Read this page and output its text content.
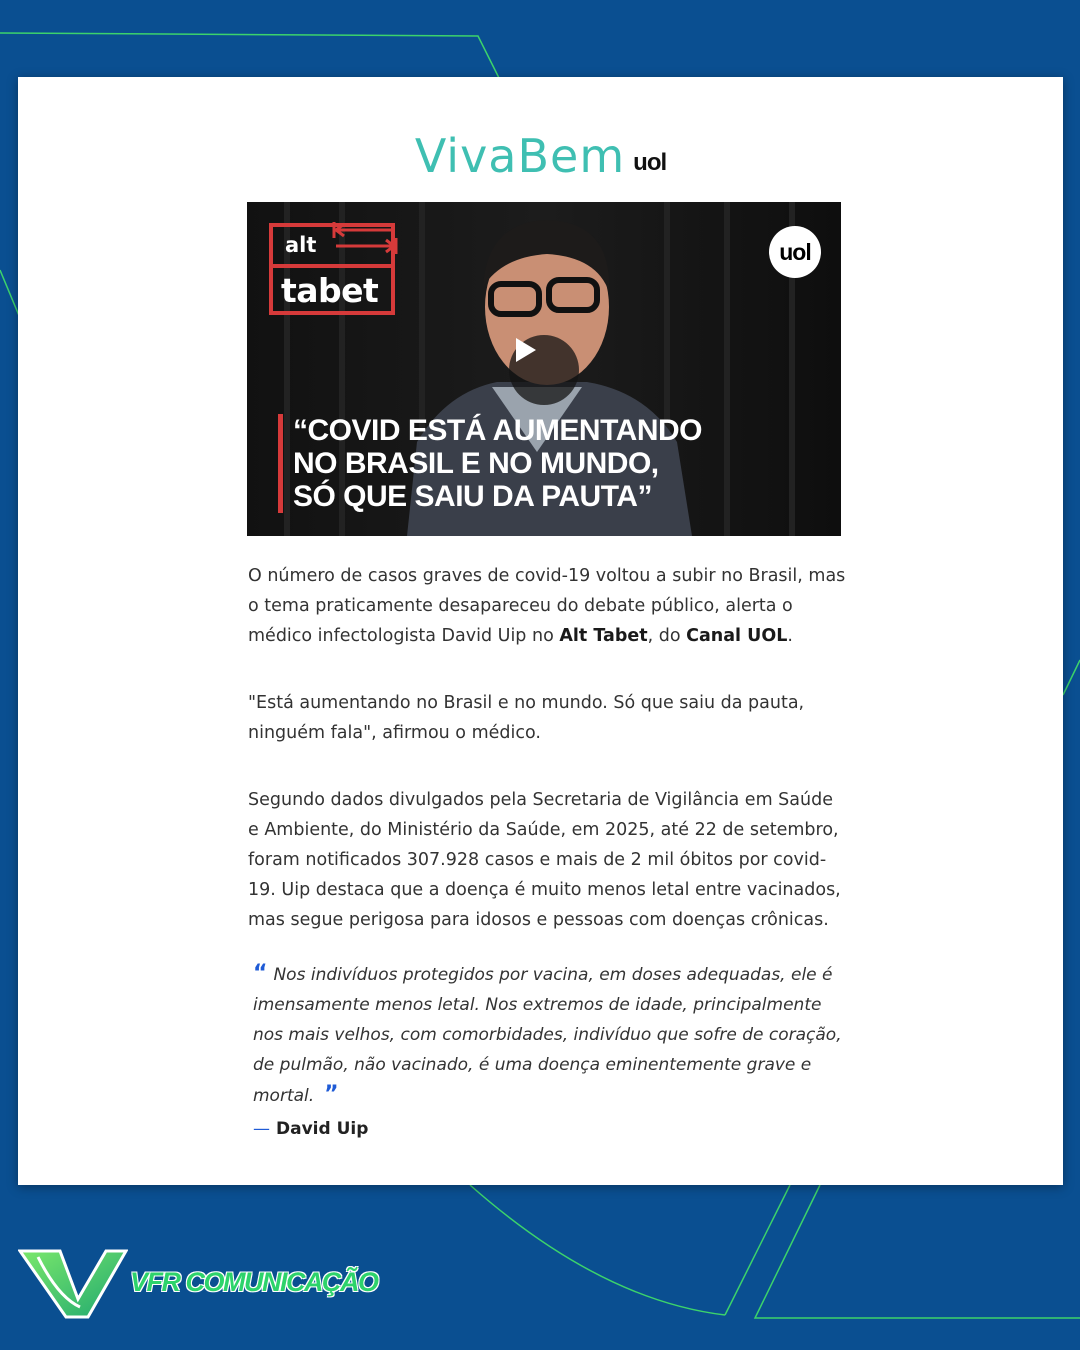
VivaBem uol
alt
tabet
uol
“COVID ESTÁ AUMENTANDO
NO BRASIL E NO MUNDO,
SÓ QUE SAIU DA PAUTA”

O número de casos graves de covid-19 voltou a subir no Brasil, mas o tema praticamente desapareceu do debate público, alerta o médico infectologista David Uip no Alt Tabet, do Canal UOL.

"Está aumentando no Brasil e no mundo. Só que saiu da pauta, ninguém fala", afirmou o médico.

Segundo dados divulgados pela Secretaria de Vigilância em Saúde e Ambiente, do Ministério da Saúde, em 2025, até 22 de setembro, foram notificados 307.928 casos e mais de 2 mil óbitos por covid-19. Uip destaca que a doença é muito menos letal entre vacinados, mas segue perigosa para idosos e pessoas com doenças crônicas.

“ Nos indivíduos protegidos por vacina, em doses adequadas, ele é imensamente menos letal. Nos extremos de idade, principalmente nos mais velhos, com comorbidades, indivíduo que sofre de coração, de pulmão, não vacinado, é uma doença eminentemente grave e mortal. ”
— David Uip
VFR COMUNICAÇÃO
